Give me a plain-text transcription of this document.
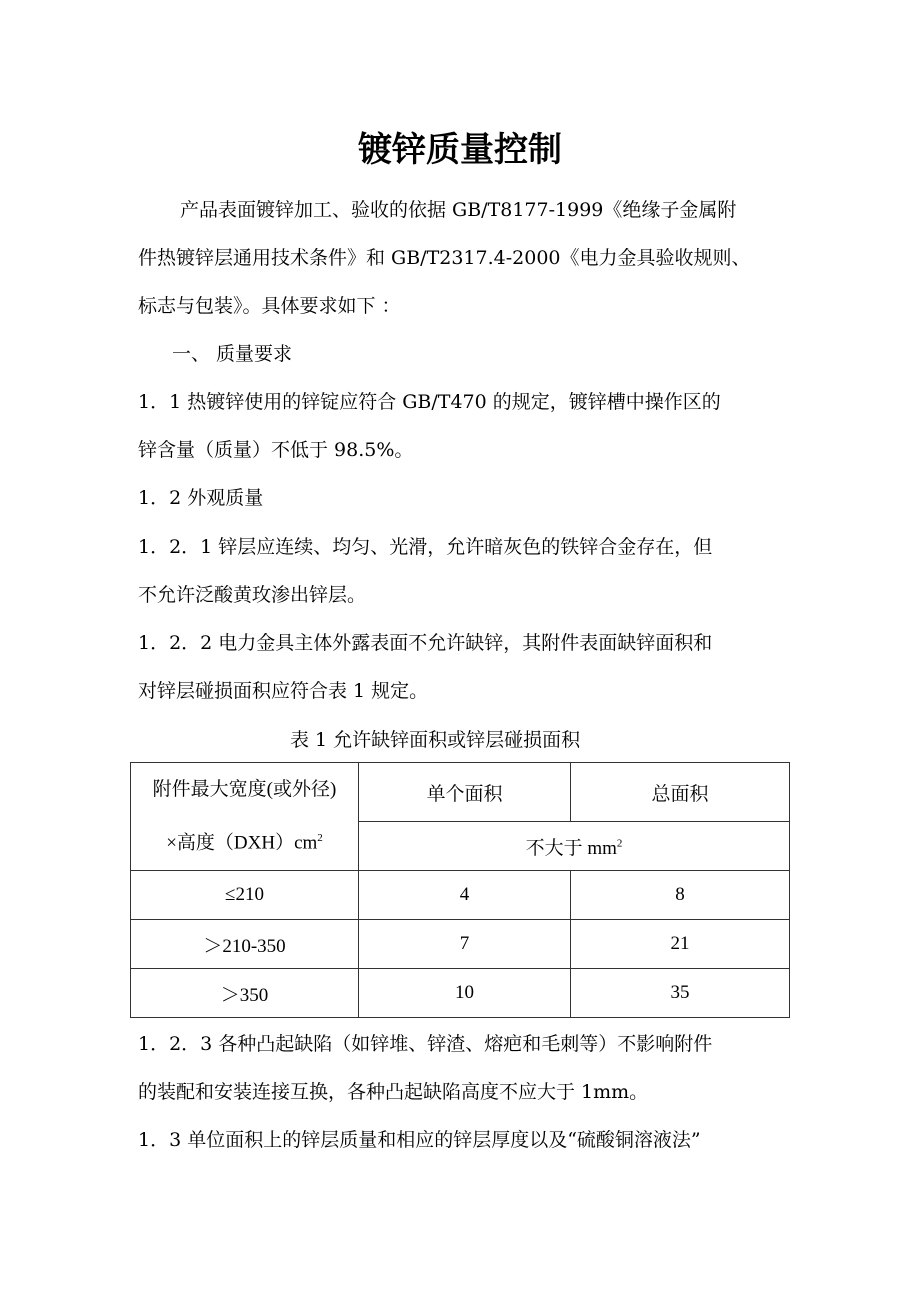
镀锌质量控制
产品表面镀锌加工、验收的依据 GB/T8177-1999《绝缘子金属附
件热镀锌层通用技术条件》和 GB/T2317.4-2000《电力金具验收规则、
标志与包装》。具体要求如下 ：
一、 质量要求
1．1 热镀锌使用的锌锭应符合 GB/T470 的规定，镀锌槽中操作区的
锌含量（质量）不低于 98.5%。
1．2 外观质量
1．2．1 锌层应连续、均匀、光滑，允许暗灰色的铁锌合金存在，但
不允许泛酸黄玫渗出锌层。
1．2．2 电力金具主体外露表面不允许缺锌，其附件表面缺锌面积和
对锌层碰损面积应符合表 1 规定。
表 1 允许缺锌面积或锌层碰损面积
附件最大宽度(或外径)
×高度$(DXH)cm^2$	单个面积	总面积
	不大于 $mm^2$
≤210	4	8
＞210-350	7	21
＞350	10	35
1．2．3 各种凸起缺陷（如锌堆、锌渣、熔疤和毛刺等）不影响附件
的装配和安装连接互换，各种凸起缺陷高度不应大于 1mm。
1．3 单位面积上的锌层质量和相应的锌层厚度以及“硫酸铜溶液法”
